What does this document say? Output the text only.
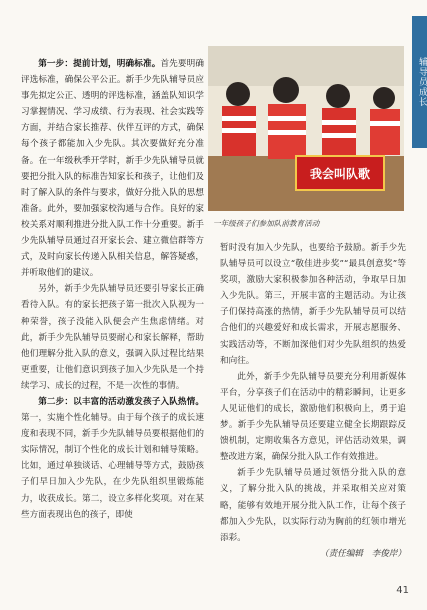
辅导员成长

第一步：提前计划，明确标准。首先要明确评选标准，确保公平公正。新手少先队辅导员应事先拟定公正、透明的评选标准，涵盖队知识学习掌握情况、学习成绩、行为表现、社会实践等方面，并结合家长推荐、伙伴互评的方式，确保每个孩子都能加入少先队。其次要做好充分准备。在一年级秋季开学时，新手少先队辅导员就要把分批入队的标准告知家长和孩子，让他们及时了解入队的条件与要求，做好分批入队的思想准备。此外，要加强家校沟通与合作。良好的家校关系对顺利推进分批入队工作十分重要。新手少先队辅导员通过召开家长会、建立微信群等方式，及时向家长传递入队相关信息，解答疑惑，并听取他们的建议。

另外，新手少先队辅导员还要引导家长正确看待入队。有的家长把孩子第一批次入队视为一种荣誉，孩子没能入队便会产生焦虑情绪。对此，新手少先队辅导员要耐心和家长解释，帮助他们理解分批入队的意义，强调入队过程比结果更重要，让他们意识到孩子加入少先队是一个持续学习、成长的过程，不是一次性的事情。

第二步：以丰富的活动激发孩子入队热情。第一，实施个性化辅导。由于每个孩子的成长速度和表现不同，新手少先队辅导员要根据他们的实际情况，制订个性化的成长计划和辅导策略。比如，通过单独谈话、心理辅导等方式，鼓励孩子们早日加入少先队，在少先队组织里锻炼能力，收获成长。第二，设立多样化奖项。对在某些方面表现出色的孩子，即使

我会叫队歌
一年级孩子们参加队前教育活动

暂时没有加入少先队，也要给予鼓励。新手少先队辅导员可以设立“敬佳进步奖”“最具创意奖”等奖项，激励大家积极参加各种活动，争取早日加入少先队。第三，开展丰富的主题活动。为让孩子们保持高涨的热情，新手少先队辅导员可以结合他们的兴趣爱好和成长需求，开展志愿服务、实践活动等，不断加深他们对少先队组织的热爱和向往。

此外，新手少先队辅导员要充分利用新媒体平台，分享孩子们在活动中的精彩瞬间，让更多人见证他们的成长，激励他们积极向上，勇于追梦。新手少先队辅导员还要建立健全长期跟踪反馈机制，定期收集各方意见，评估活动效果，调整改进方案，确保分批入队工作有效推进。

新手少先队辅导员通过领悟分批入队的意义，了解分批入队的挑战，并采取相关应对策略，能够有效地开展分批入队工作，让每个孩子都加入少先队，以实际行动为胸前的红领巾增光添彩。

（责任编辑　李俊岸）
41
